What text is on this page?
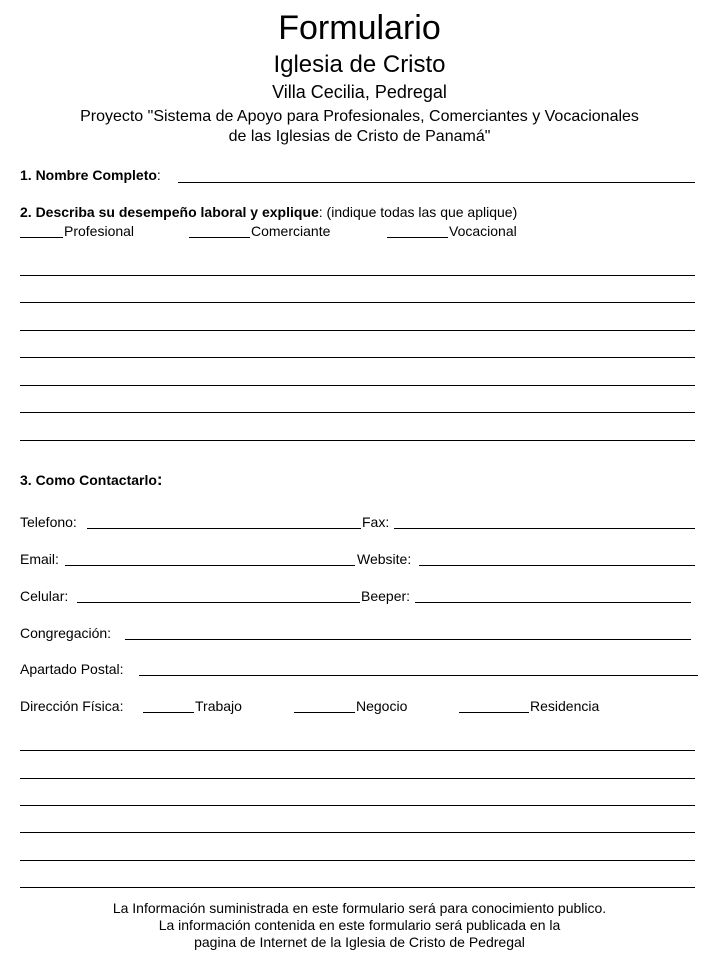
Formulario
Iglesia de Cristo
Villa Cecilia, Pedregal
Proyecto "Sistema de Apoyo para Profesionales, Comerciantes y Vocacionales
de las Iglesias de Cristo de Panamá"
1. Nombre Completo:
2. Describa su desempeño laboral y explique: (indique todas las que aplique)
Profesional	Comerciante	Vocacional
3. Como Contactarlo:
Telefono:	Fax:
Email:	Website:
Celular:	Beeper:
Congregación:
Apartado Postal:
Dirección Física:	Trabajo	Negocio	Residencia
La Información suministrada en este formulario será para conocimiento publico.
La información contenida en este formulario será publicada en la
pagina de Internet de la Iglesia de Cristo de Pedregal
